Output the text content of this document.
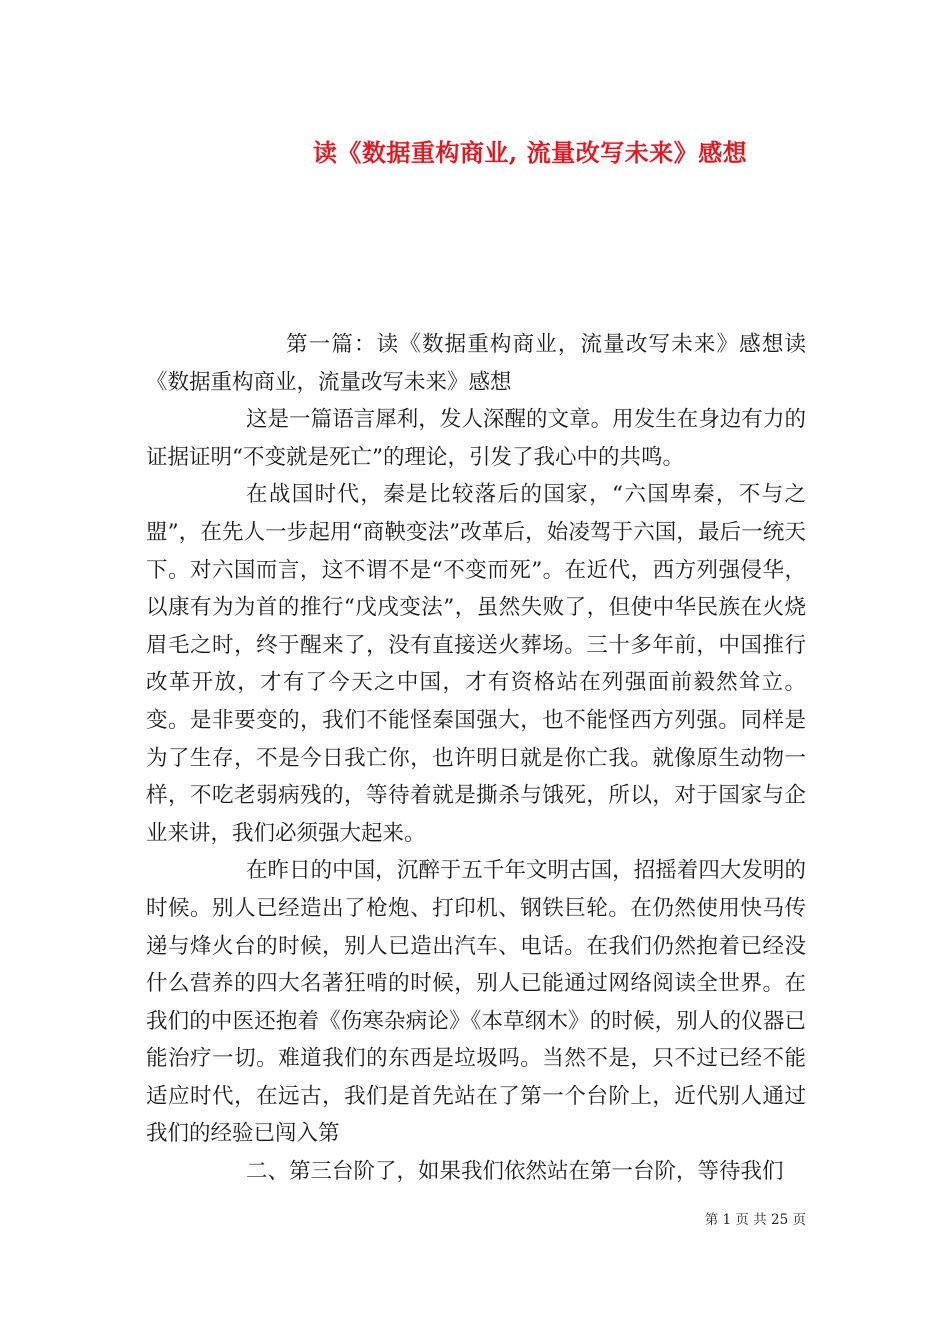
读《数据重构商业, 流量改写未来》感想

第一篇：读《数据重构商业，流量改写未来》感想读《数据重构商业，流量改写未来》感想

这是一篇语言犀利，发人深醒的文章。用发生在身边有力的证据证明“不变就是死亡”的理论，引发了我心中的共鸣。

在战国时代，秦是比较落后的国家，“六国卑秦，不与之盟”，在先人一步起用“商鞅变法”改革后，始凌驾于六国，最后一统天下。对六国而言，这不谓不是“不变而死”。在近代，西方列强侵华，以康有为为首的推行“戊戌变法”，虽然失败了，但使中华民族在火烧眉毛之时，终于醒来了，没有直接送火葬场。三十多年前，中国推行改革开放，才有了今天之中国，才有资格站在列强面前毅然耸立。变。是非要变的，我们不能怪秦国强大，也不能怪西方列强。同样是为了生存，不是今日我亡你，也许明日就是你亡我。就像原生动物一样，不吃老弱病残的，等待着就是撕杀与饿死，所以，对于国家与企业来讲，我们必须强大起来。

在昨日的中国，沉醉于五千年文明古国，招摇着四大发明的时候。别人已经造出了枪炮、打印机、钢铁巨轮。在仍然使用快马传递与烽火台的时候，别人已造出汽车、电话。在我们仍然抱着已经没什么营养的四大名著狂啃的时候，别人已能通过网络阅读全世界。在我们的中医还抱着《伤寒杂病论》《本草纲木》的时候，别人的仪器已能治疗一切。难道我们的东西是垃圾吗。当然不是，只不过已经不能适应时代，在远古，我们是首先站在了第一个台阶上，近代别人通过我们的经验已闯入第

二、第三台阶了，如果我们依然站在第一台阶，等待我们

第 1 页 共 25 页
